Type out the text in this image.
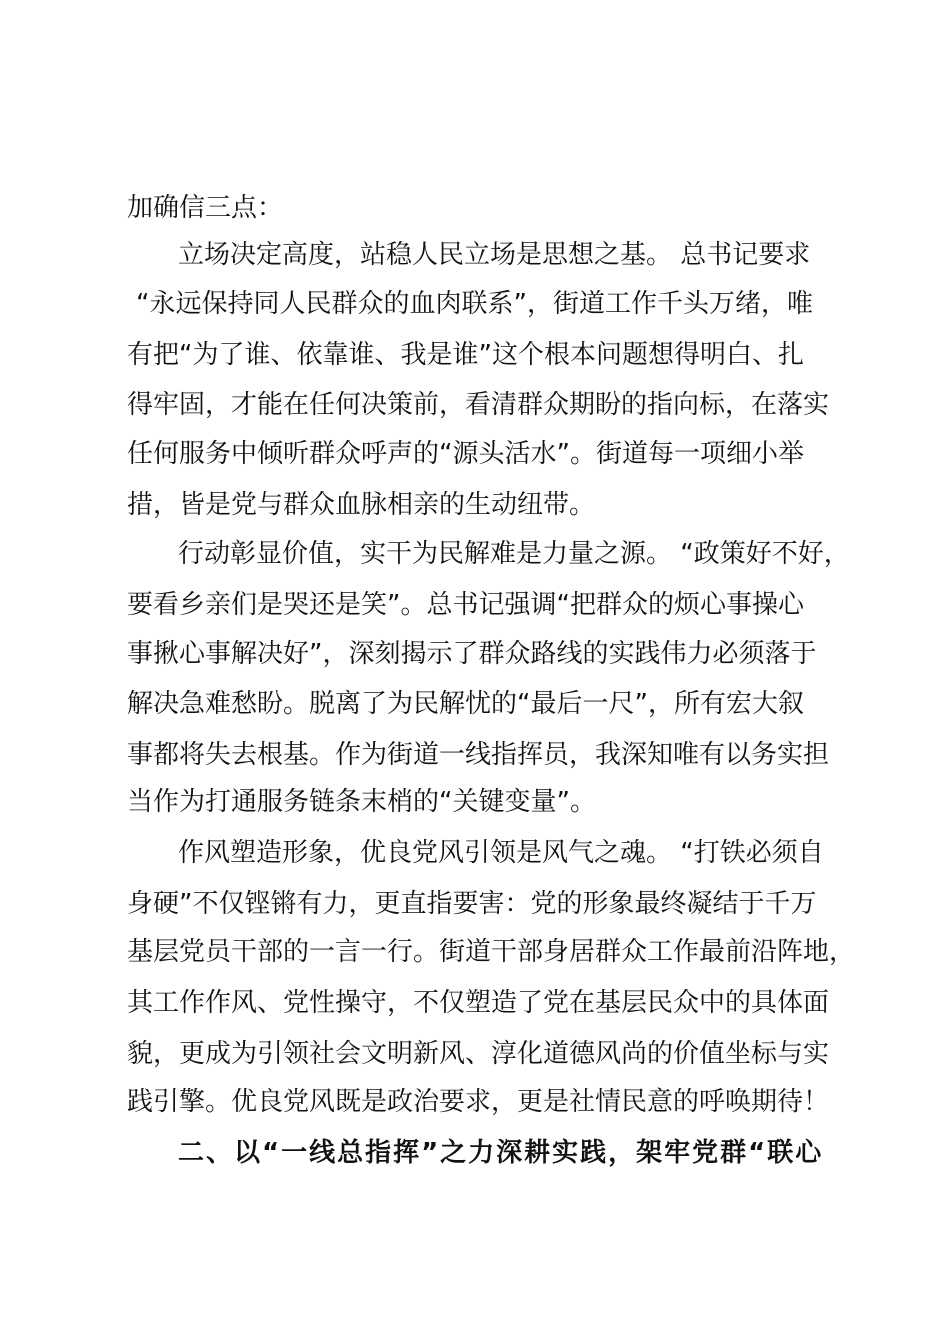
加确信三点：
立场决定高度，站稳人民立场是思想之基。 总书记要求
“永远保持同人民群众的血肉联系”，街道工作千头万绪，唯
有把“为了谁、依靠谁、我是谁”这个根本问题想得明白、扎
得牢固，才能在任何决策前，看清群众期盼的指向标，在落实
任何服务中倾听群众呼声的“源头活水”。街道每一项细小举
措，皆是党与群众血脉相亲的生动纽带。
行动彰显价值，实干为民解难是力量之源。 “政策好不好，
要看乡亲们是哭还是笑”。总书记强调“把群众的烦心事操心
事揪心事解决好”，深刻揭示了群众路线的实践伟力必须落于
解决急难愁盼。脱离了为民解忧的“最后一尺”，所有宏大叙
事都将失去根基。作为街道一线指挥员，我深知唯有以务实担
当作为打通服务链条末梢的“关键变量”。
作风塑造形象，优良党风引领是风气之魂。 “打铁必须自
身硬”不仅铿锵有力，更直指要害：党的形象最终凝结于千万
基层党员干部的一言一行。街道干部身居群众工作最前沿阵地，
其工作作风、党性操守，不仅塑造了党在基层民众中的具体面
貌，更成为引领社会文明新风、淳化道德风尚的价值坐标与实
践引擎。优良党风既是政治要求，更是社情民意的呼唤期待！
二、以“一线总指挥”之力深耕实践，架牢党群“联心
